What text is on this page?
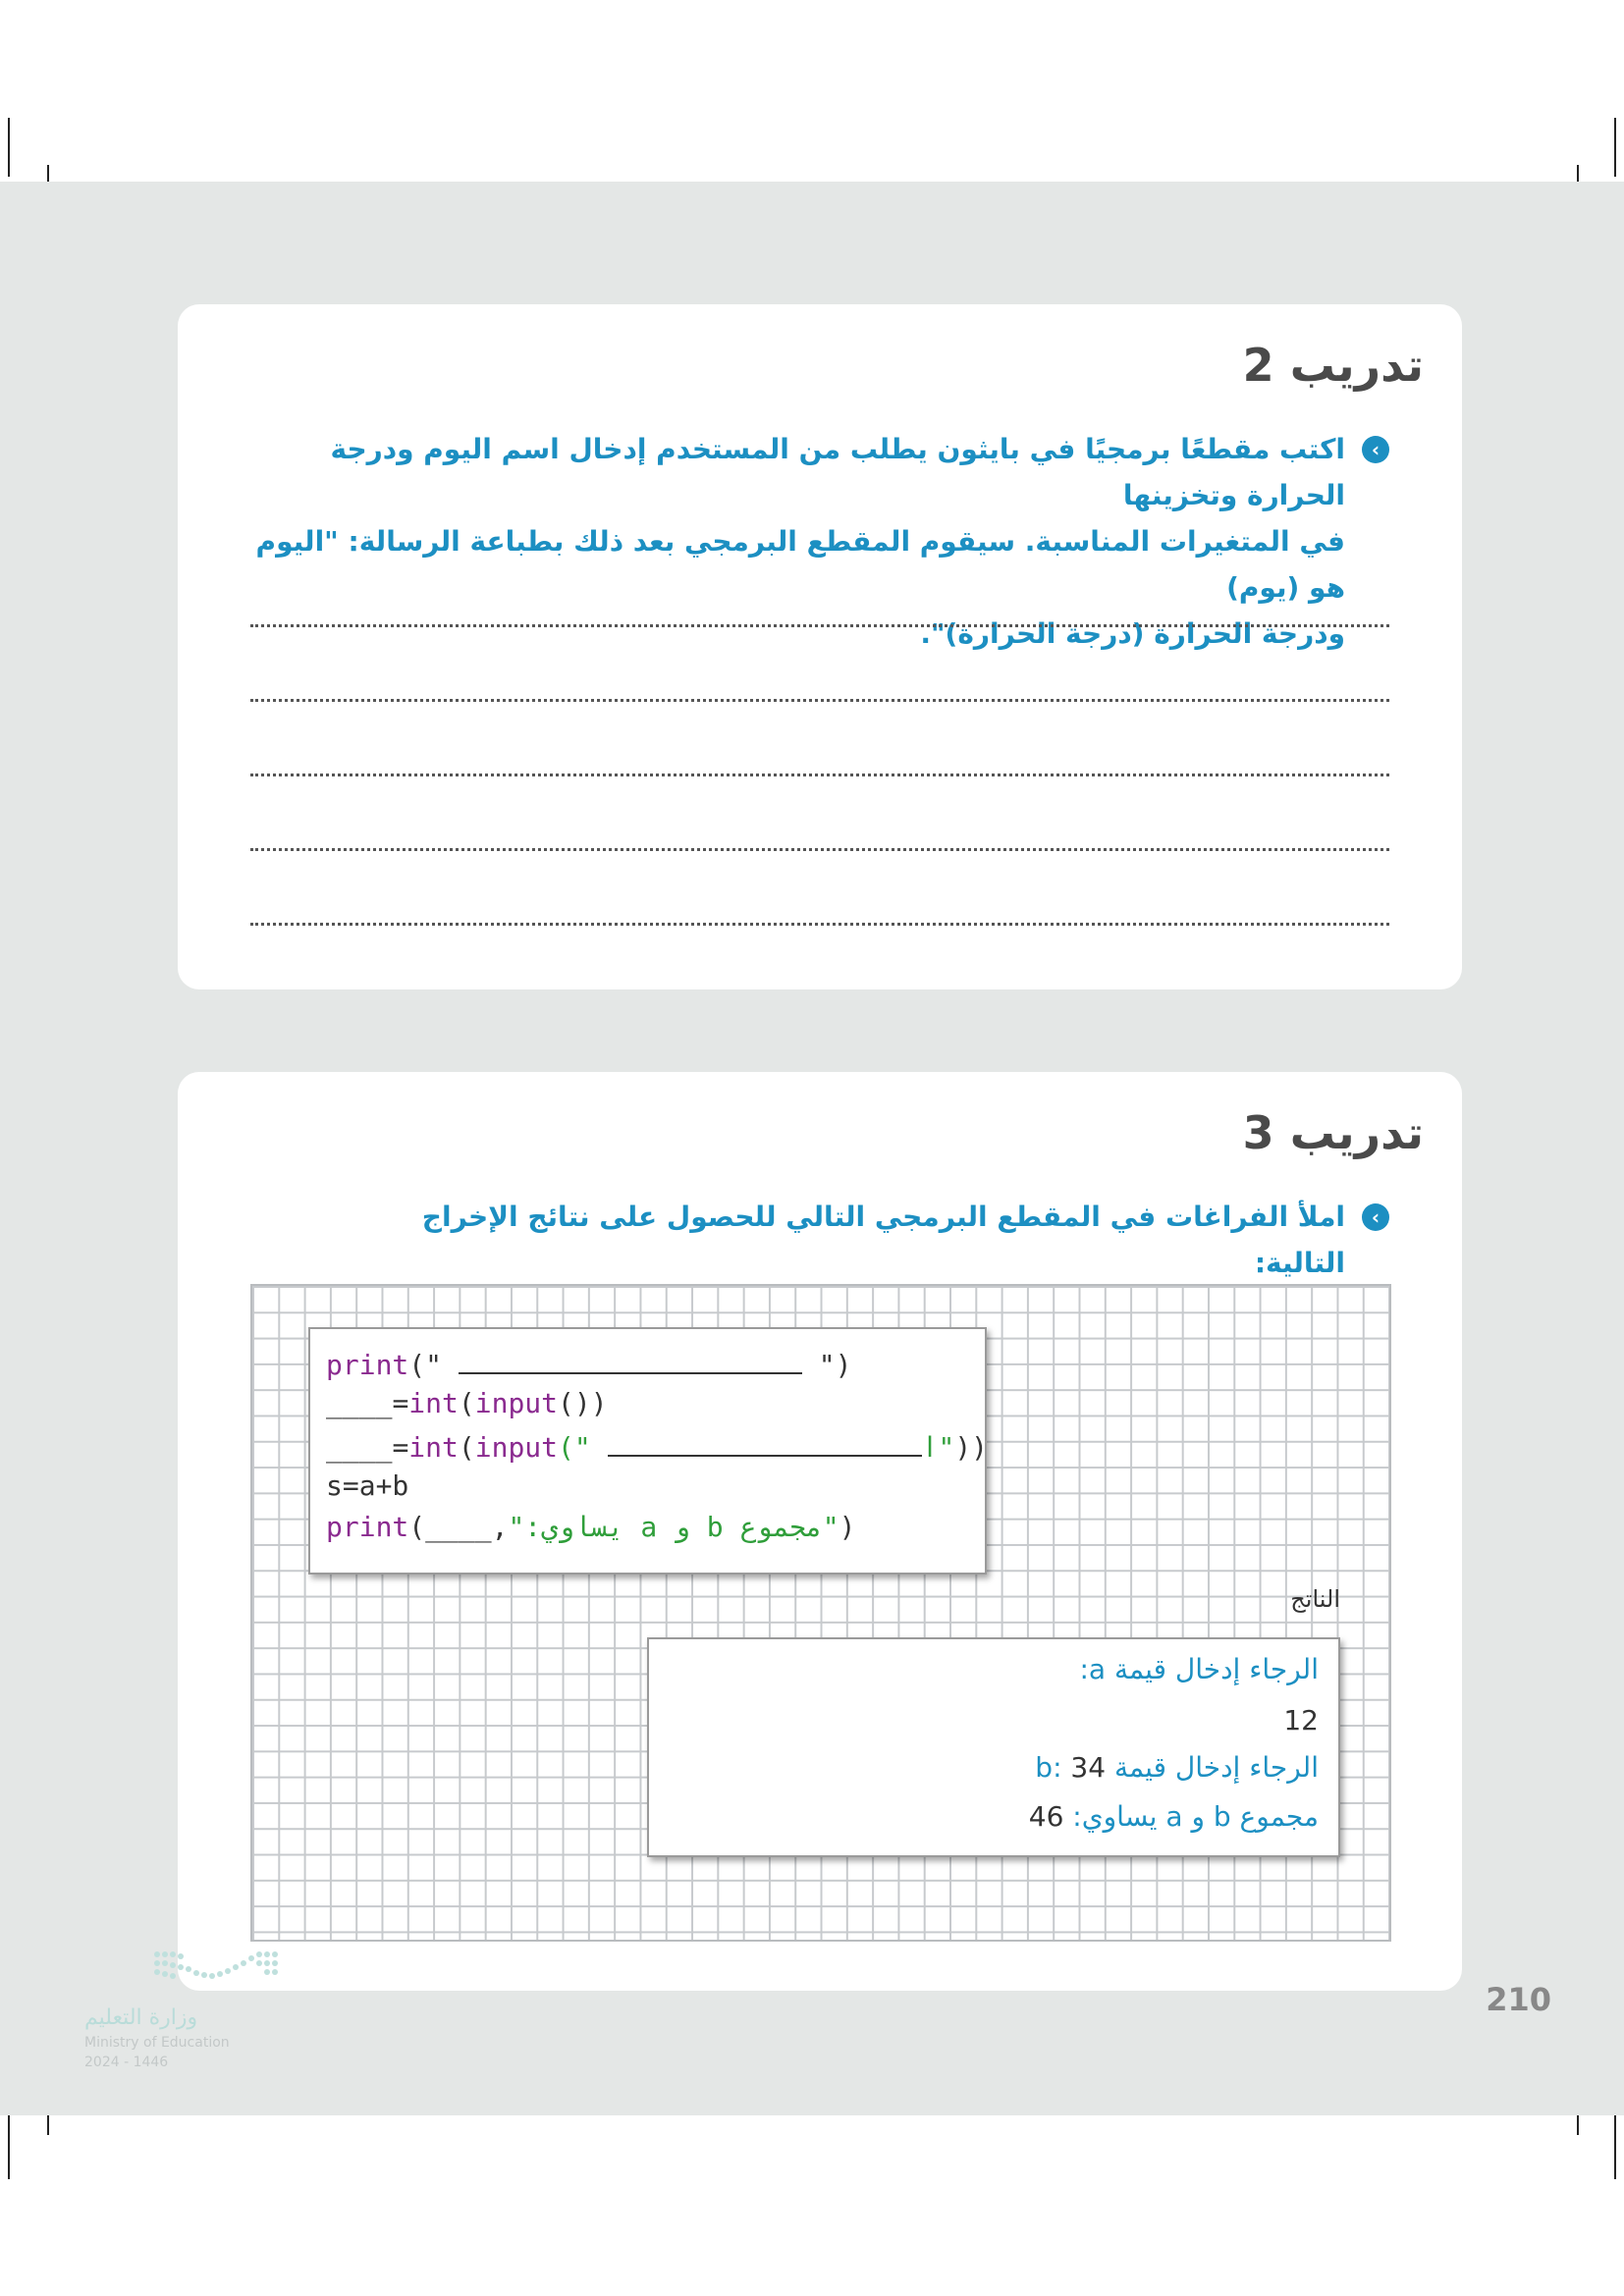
تدريب 2
‹
اكتب مقطعًا برمجيًا في بايثون يطلب من المستخدم إدخال اسم اليوم ودرجة الحرارة وتخزينها
في المتغيرات المناسبة. سيقوم المقطع البرمجي بعد ذلك بطباعة الرسالة: "اليوم هو (يوم)
ودرجة الحرارة (درجة الحرارة)".
تدريب 3
‹
املأ الفراغات في المقطع البرمجي التالي للحصول على نتائج الإخراج التالية:
print("	")
____=int(input())
____=int(input("	ا"))
s=a+b
print(____,"مجموع b و a يساوي:")
الناتج
الرجاء إدخال قيمة a:
12
الرجاء إدخال قيمة b: 34
مجموع b و a يساوي: 46
210
وزارة التعليم
Ministry of Education
2024 - 1446
